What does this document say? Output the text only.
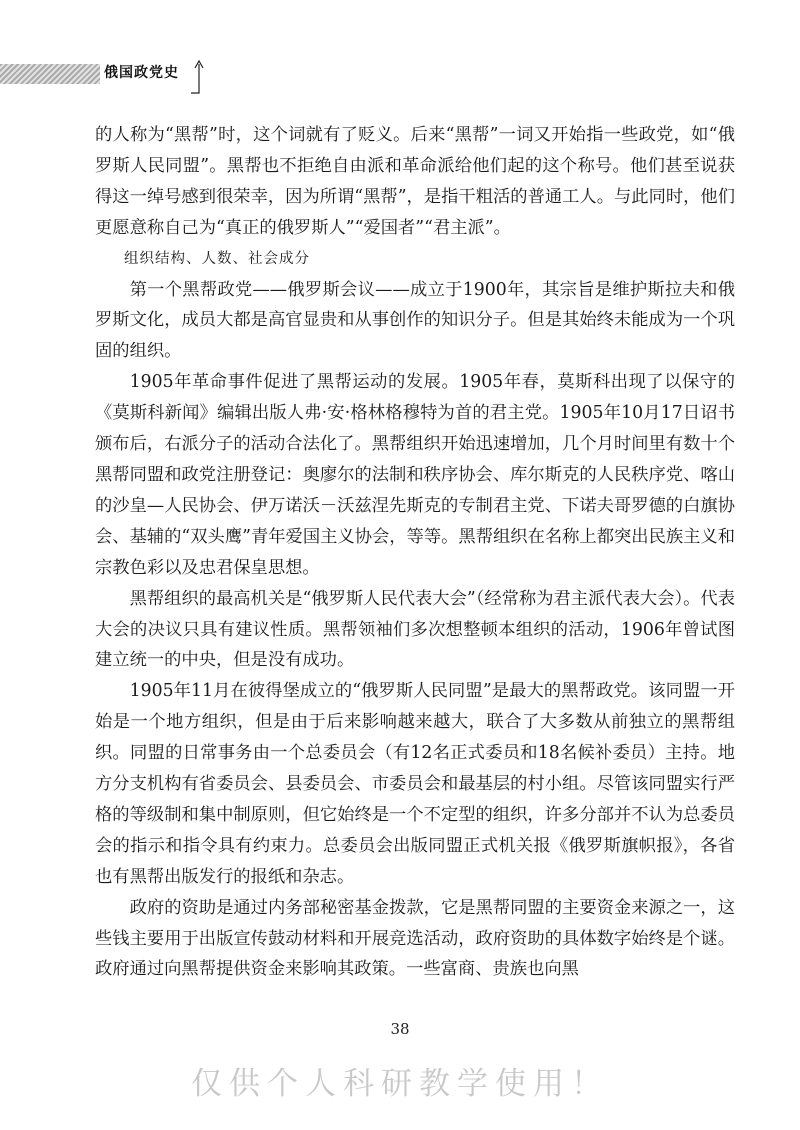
俄国政党史

的人称为“黑帮”时，这个词就有了贬义。后来“黑帮”一词又开始指一些政党，如“俄罗斯人民同盟”。黑帮也不拒绝自由派和革命派给他们起的这个称号。他们甚至说获得这一绰号感到很荣幸，因为所谓“黑帮”，是指干粗活的普通工人。与此同时，他们更愿意称自己为“真正的俄罗斯人”“爱国者”“君主派”。

组织结构、人数、社会成分

第一个黑帮政党——俄罗斯会议——成立于1900年，其宗旨是维护斯拉夫和俄罗斯文化，成员大都是高官显贵和从事创作的知识分子。但是其始终未能成为一个巩固的组织。

1905年革命事件促进了黑帮运动的发展。1905年春，莫斯科出现了以保守的《莫斯科新闻》编辑出版人弗·安·格林格穆特为首的君主党。1905年10月17日诏书颁布后，右派分子的活动合法化了。黑帮组织开始迅速增加，几个月时间里有数十个黑帮同盟和政党注册登记：奥廖尔的法制和秩序协会、库尔斯克的人民秩序党、喀山的沙皇—人民协会、伊万诺沃－沃兹涅先斯克的专制君主党、下诺夫哥罗德的白旗协会、基辅的“双头鹰”青年爱国主义协会，等等。黑帮组织在名称上都突出民族主义和宗教色彩以及忠君保皇思想。

黑帮组织的最高机关是“俄罗斯人民代表大会”（经常称为君主派代表大会）。代表大会的决议只具有建议性质。黑帮领袖们多次想整顿本组织的活动，1906年曾试图建立统一的中央，但是没有成功。

1905年11月在彼得堡成立的“俄罗斯人民同盟”是最大的黑帮政党。该同盟一开始是一个地方组织，但是由于后来影响越来越大，联合了大多数从前独立的黑帮组织。同盟的日常事务由一个总委员会（有12名正式委员和18名候补委员）主持。地方分支机构有省委员会、县委员会、市委员会和最基层的村小组。尽管该同盟实行严格的等级制和集中制原则，但它始终是一个不定型的组织，许多分部并不认为总委员会的指示和指令具有约束力。总委员会出版同盟正式机关报《俄罗斯旗帜报》，各省也有黑帮出版发行的报纸和杂志。

政府的资助是通过内务部秘密基金拨款，它是黑帮同盟的主要资金来源之一，这些钱主要用于出版宣传鼓动材料和开展竞选活动，政府资助的具体数字始终是个谜。政府通过向黑帮提供资金来影响其政策。一些富商、贵族也向黑

38
仅供个人科研教学使用！
